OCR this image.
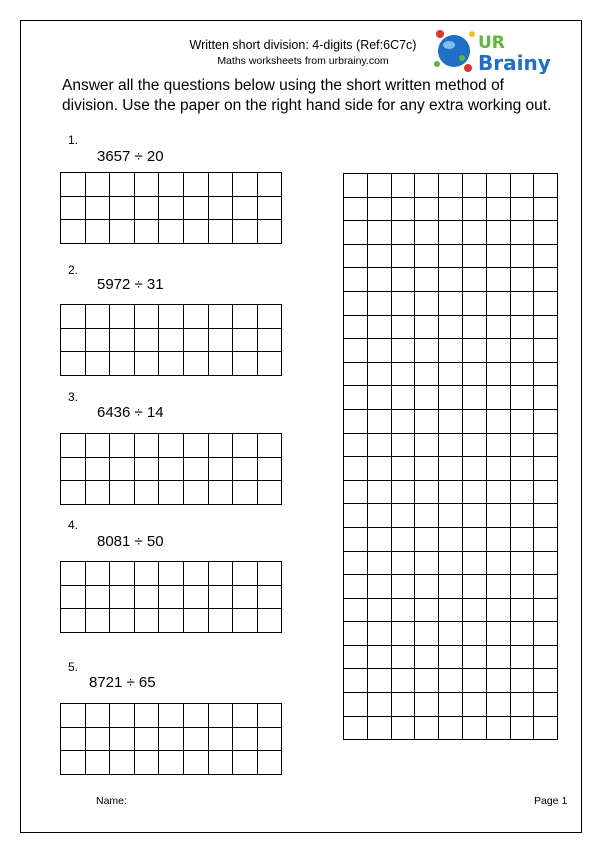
Written short division: 4-digits (Ref:6C7c)
Maths worksheets from urbrainy.com
UR
Brainy
Answer all the questions below using the short written method of division. Use the paper on the right hand side for any extra working out.
1.
3657 ÷ 20

2.
5972 ÷ 31

3.
6436 ÷ 14

4.
8081 ÷ 50

5.
8721 ÷ 65

Name:	Page 1
